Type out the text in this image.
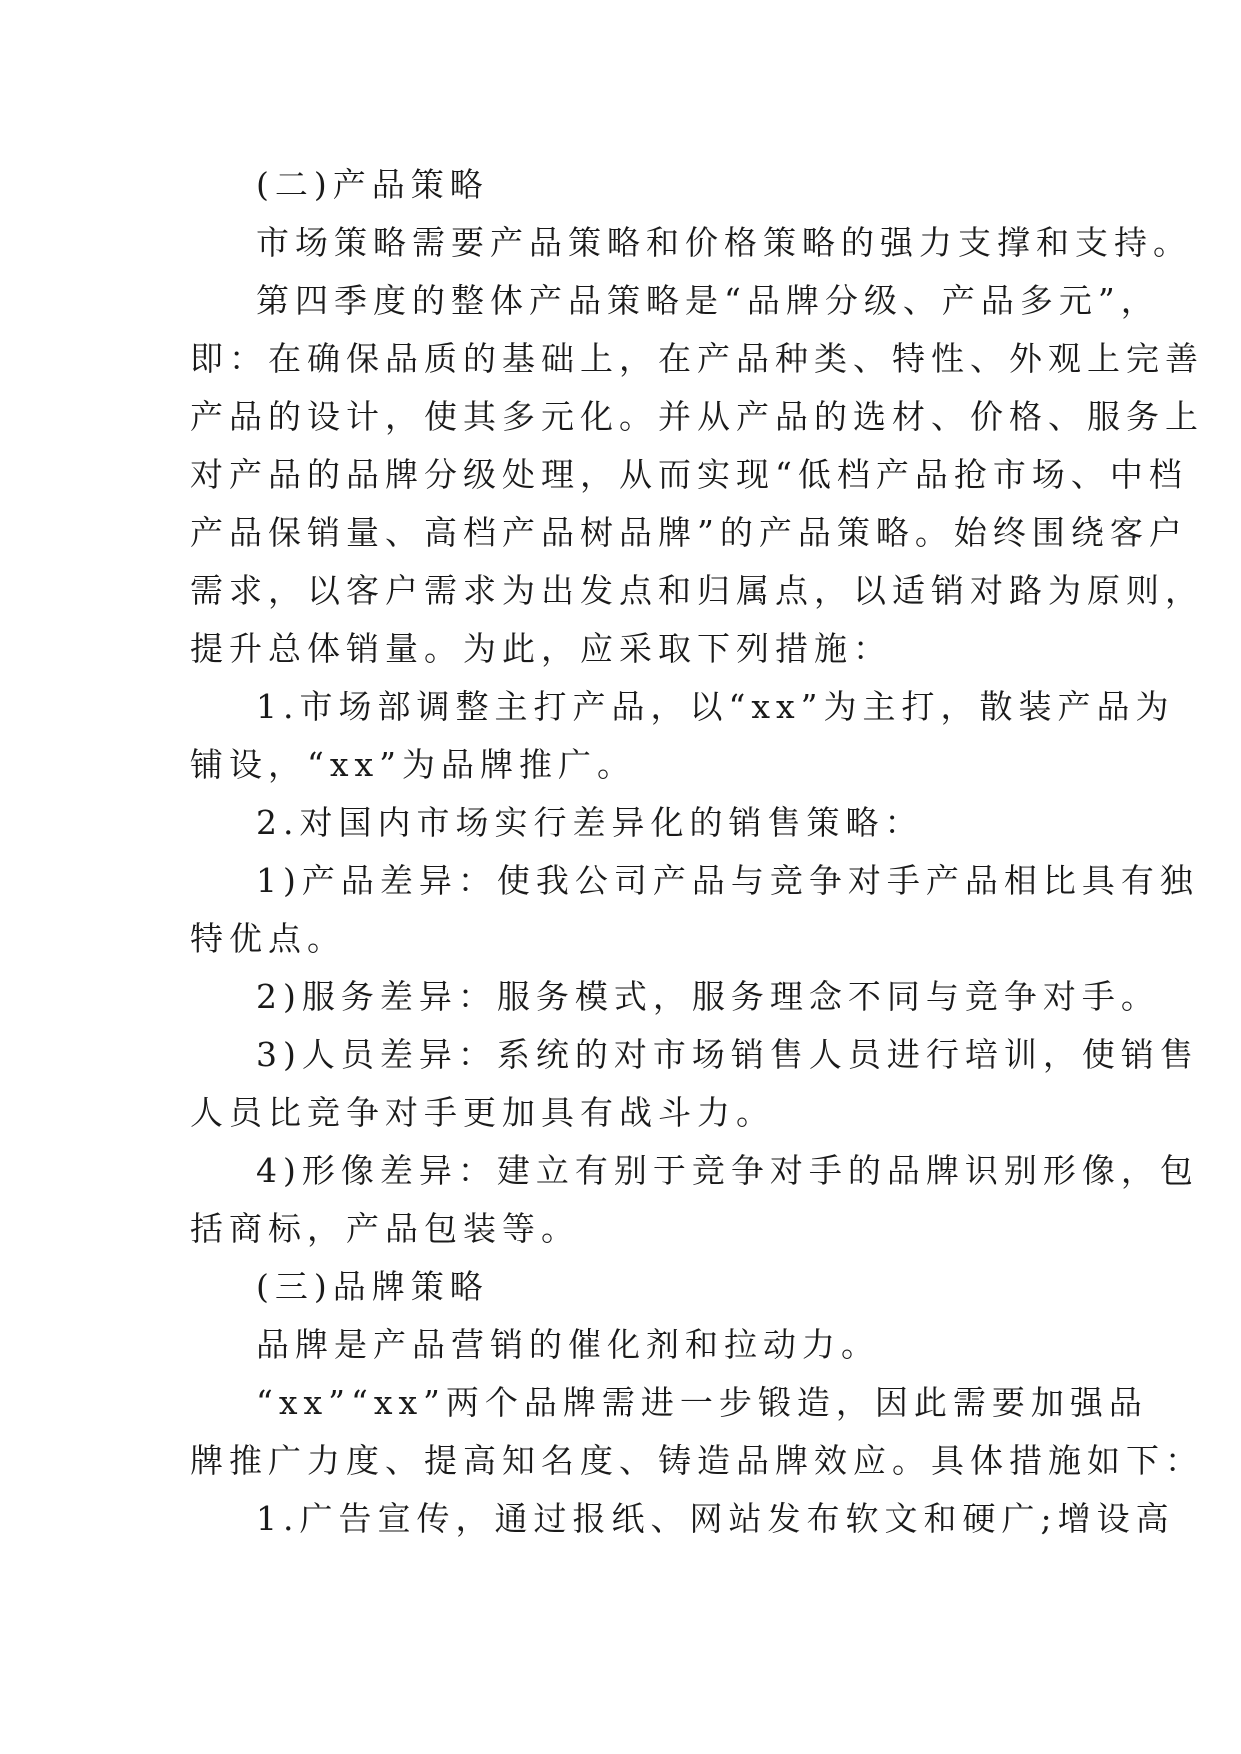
(二)产品策略
市场策略需要产品策略和价格策略的强力支撑和支持。
第四季度的整体产品策略是“品牌分级、产品多元”，
即：在确保品质的基础上，在产品种类、特性、外观上完善
产品的设计，使其多元化。并从产品的选材、价格、服务上
对产品的品牌分级处理，从而实现“低档产品抢市场、中档
产品保销量、高档产品树品牌”的产品策略。始终围绕客户
需求，以客户需求为出发点和归属点，以适销对路为原则，
提升总体销量。为此，应采取下列措施：
1.市场部调整主打产品，以“xx”为主打，散装产品为
铺设，“xx”为品牌推广。
2.对国内市场实行差异化的销售策略：
1)产品差异：使我公司产品与竞争对手产品相比具有独
特优点。
2)服务差异：服务模式，服务理念不同与竞争对手。
3)人员差异：系统的对市场销售人员进行培训，使销售
人员比竞争对手更加具有战斗力。
4)形像差异：建立有别于竞争对手的品牌识别形像，包
括商标，产品包装等。
(三)品牌策略
品牌是产品营销的催化剂和拉动力。
“xx”“xx”两个品牌需进一步锻造，因此需要加强品
牌推广力度、提高知名度、铸造品牌效应。具体措施如下：
1.广告宣传，通过报纸、网站发布软文和硬广;增设高
